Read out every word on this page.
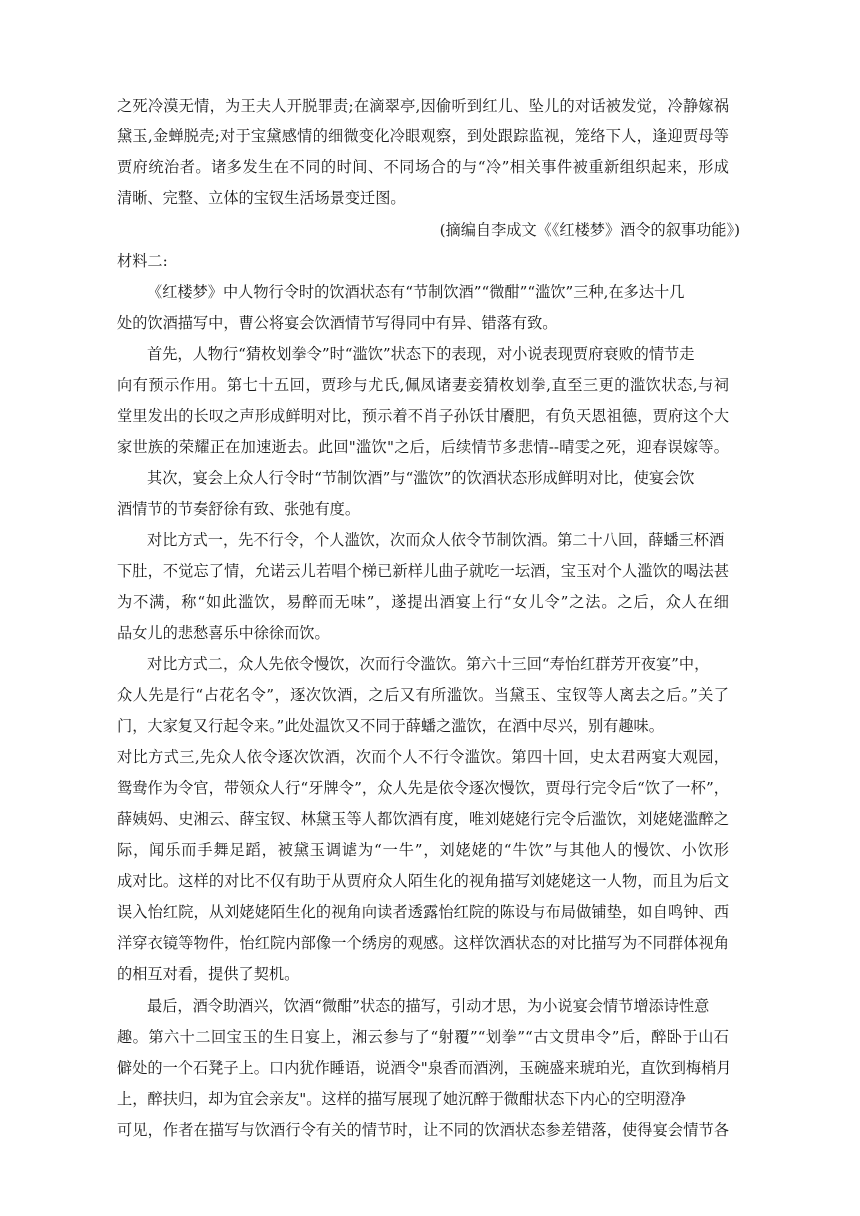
之死冷漠无情，为王夫人开脱罪责;在滴翠亭,因偷听到红儿、坠儿的对话被发觉，冷静嫁祸
黛玉,金蝉脱壳;对于宝黛感情的细微变化冷眼观察，到处跟踪监视，笼络下人，逢迎贾母等
贾府统治者。诸多发生在不同的时间、不同场合的与“冷”相关事件被重新组织起来，形成
清晰、完整、立体的宝钗生活场景变迁图。
(摘编自李成文《《红楼梦》酒令的叙事功能》)
材料二:
《红楼梦》中人物行令时的饮酒状态有“节制饮酒”“微酣”“滥饮”三种,在多达十几
处的饮酒描写中，曹公将宴会饮酒情节写得同中有异、错落有致。
首先，人物行“猜枚划拳令”时“滥饮”状态下的表现，对小说表现贾府衰败的情节走
向有预示作用。第七十五回，贾珍与尤氏,佩凤诸妻妾猜枚划拳,直至三更的滥饮状态,与祠
堂里发出的长叹之声形成鲜明对比，预示着不肖子孙饫甘餍肥，有负天恩祖德，贾府这个大
家世族的荣耀正在加速逝去。此回"滥饮"之后，后续情节多悲情--晴雯之死，迎春误嫁等。
其次，宴会上众人行令时“节制饮酒”与“滥饮”的饮酒状态形成鲜明对比，使宴会饮
酒情节的节奏舒徐有致、张弛有度。
对比方式一，先不行令，个人滥饮，次而众人依令节制饮酒。第二十八回，薛蟠三杯酒
下肚，不觉忘了情，允诺云儿若唱个梯已新样儿曲子就吃一坛酒，宝玉对个人滥饮的喝法甚
为不满，称“如此滥饮，易醉而无味”，遂提出酒宴上行“女儿令”之法。之后，众人在细
品女儿的悲愁喜乐中徐徐而饮。
对比方式二，众人先依令慢饮，次而行令滥饮。第六十三回“寿怡红群芳开夜宴”中，
众人先是行“占花名令”，逐次饮酒，之后又有所滥饮。当黛玉、宝钗等人离去之后。”关了
门，大家复又行起令来。”此处温饮又不同于薛蟠之滥饮，在酒中尽兴，别有趣味。
对比方式三,先众人依令逐次饮酒，次而个人不行令滥饮。第四十回，史太君两宴大观园，
鸳鸯作为令官，带领众人行“牙牌令”，众人先是依令逐次慢饮，贾母行完令后“饮了一杯”，
薛姨妈、史湘云、薛宝钗、林黛玉等人都饮酒有度，唯刘姥姥行完令后滥饮，刘姥姥滥醉之
际，闻乐而手舞足蹈，被黛玉调谑为“一牛”，刘姥姥的“牛饮”与其他人的慢饮、小饮形
成对比。这样的对比不仅有助于从贾府众人陌生化的视角描写刘姥姥这一人物，而且为后文
误入怡红院，从刘姥姥陌生化的视角向读者透露怡红院的陈设与布局做铺垫，如自鸣钟、西
洋穿衣镜等物件，怡红院内部像一个绣房的观感。这样饮酒状态的对比描写为不同群体视角
的相互对看，提供了契机。
最后，酒令助酒兴，饮酒“微酣”状态的描写，引动才思，为小说宴会情节增添诗性意
趣。第六十二回宝玉的生日宴上，湘云参与了“射覆”“划拳”“古文贯串令”后，醉卧于山石
僻处的一个石凳子上。口内犹作睡语，说酒令"泉香而酒洌，玉碗盛来琥珀光，直饮到梅梢月
上，醉扶归，却为宜会亲友"。这样的描写展现了她沉醉于微酣状态下内心的空明澄净
可见，作者在描写与饮酒行令有关的情节时，让不同的饮酒状态参差错落，使得宴会情节各
